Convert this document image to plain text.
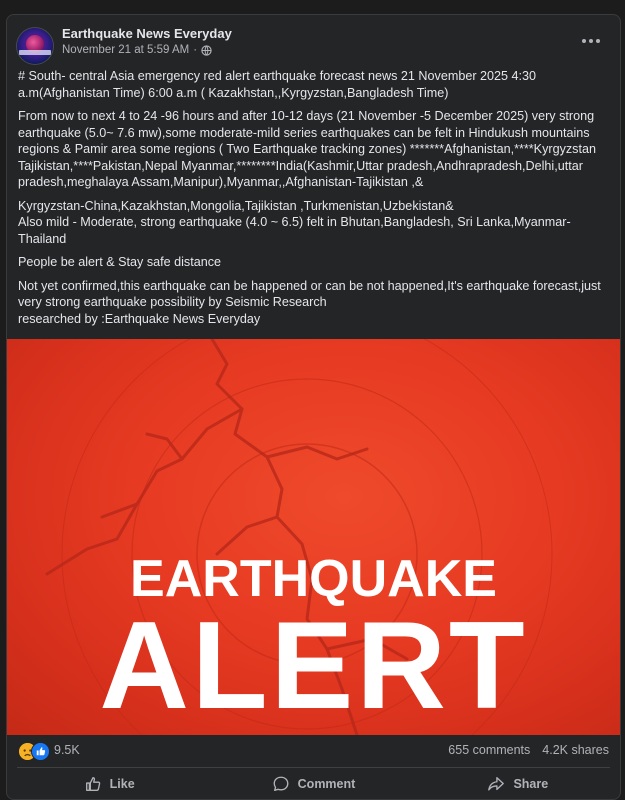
Earthquake News Everyday
November 21 at 5:59 AM ·

# South- central Asia emergency red alert earthquake forecast news 21 November 2025 4:30
a.m(Afghanistan Time) 6:00 a.m ( Kazakhstan,,Kyrgyzstan,Bangladesh Time)

From now to next 4 to 24 -96 hours and after 10-12 days (21 November -5 December 2025) very strong
earthquake (5.0~ 7.6 mw),some moderate-mild series earthquakes can be felt in Hindukush mountains
regions & Pamir area some regions ( Two Earthquake tracking zones) *******Afghanistan,****Kyrgyzstan
Tajikistan,****Pakistan,Nepal Myanmar,********India(Kashmir,Uttar pradesh,Andhrapradesh,Delhi,uttar
pradesh,meghalaya Assam,Manipur),Myanmar,,Afghanistan-Tajikistan ,&

Kyrgyzstan-China,Kazakhstan,Mongolia,Tajikistan ,Turkmenistan,Uzbekistan&
Also mild - Moderate, strong earthquake (4.0 ~ 6.5) felt in Bhutan,Bangladesh, Sri Lanka,Myanmar-
Thailand

People be alert & Stay safe distance

Not yet confirmed,this earthquake can be happened or can be not happened,It's earthquake forecast,just
very strong earthquake possibility by Seismic Research
researched by :Earthquake News Everyday

EARTHQUAKE
ALERT
9.5K	655 comments 4.2K shares
Like	Comment	Share
